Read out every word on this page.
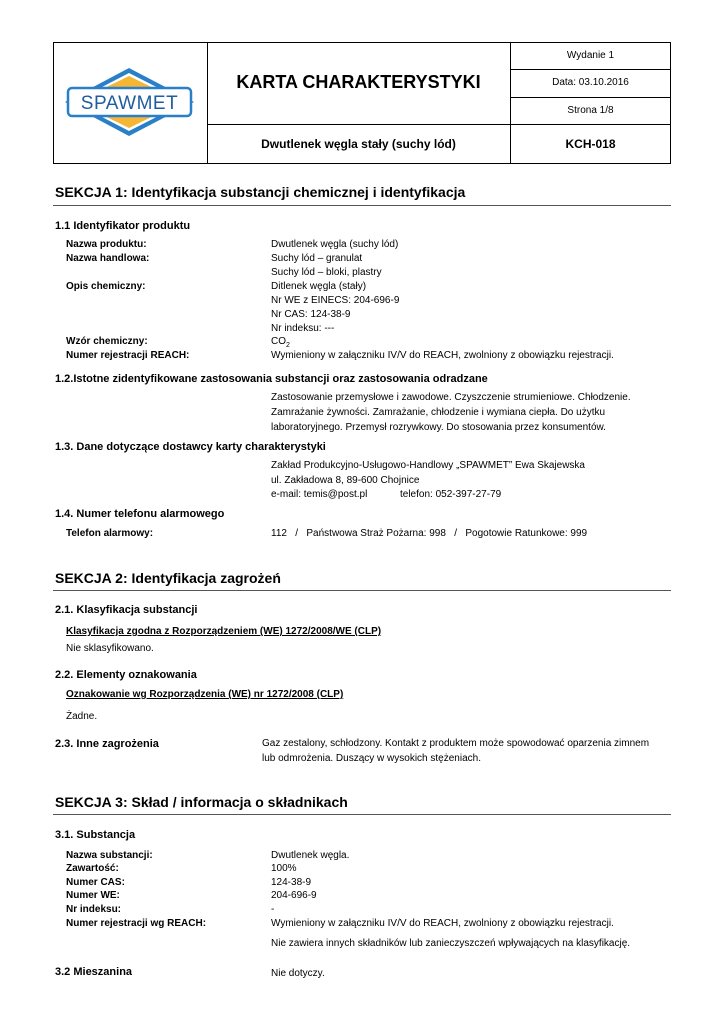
SPAWMET
KARTA CHARAKTERYSTYKI
Wydanie 1
Data: 03.10.2016
Strona 1/8
Dwutlenek węgla stały (suchy lód)	KCH-018
SEKCJA 1: Identyfikacja substancji chemicznej i identyfikacja
1.1 Identyfikator produktu
Nazwa produktu:	Dwutlenek węgla (suchy lód)
Nazwa handlowa:	Suchy lód – granulat
Suchy lód – bloki, plastry
Opis chemiczny:	Ditlenek węgla (stały)
Nr WE z EINECS: 204-696-9
Nr CAS: 124-38-9
Nr indeksu: ---
Wzór chemiczny:	$CO_2$
Numer rejestracji REACH:	Wymieniony w załączniku IV/V do REACH, zwolniony z obowiązku rejestracji.
1.2.Istotne zidentyfikowane zastosowania substancji oraz zastosowania odradzane
Zastosowanie przemysłowe i zawodowe. Czyszczenie strumieniowe. Chłodzenie.
Zamrażanie żywności. Zamrażanie, chłodzenie i wymiana ciepła. Do użytku
laboratoryjnego. Przemysł rozrywkowy. Do stosowania przez konsumentów.
1.3. Dane dotyczące dostawcy karty charakterystyki
Zakład Produkcyjno-Usługowo-Handlowy „SPAWMET” Ewa Skajewska
ul. Zakładowa 8, 89-600 Chojnice
e-mail: temis@post.pl	telefon: 052-397-27-79
1.4. Numer telefonu alarmowego
Telefon alarmowy:	112   /   Państwowa Straż Pożarna: 998   /   Pogotowie Ratunkowe: 999
SEKCJA 2: Identyfikacja zagrożeń
2.1. Klasyfikacja substancji
Klasyfikacja zgodna z Rozporządzeniem (WE) 1272/2008/WE (CLP)
Nie sklasyfikowano.
2.2. Elementy oznakowania
Oznakowanie wg Rozporządzenia (WE) nr 1272/2008 (CLP)
Żadne.
2.3. Inne zagrożenia	Gaz zestalony, schłodzony. Kontakt z produktem może spowodować oparzenia zimnem
lub odmrożenia. Duszący w wysokich stężeniach.
SEKCJA 3: Skład / informacja o składnikach
3.1. Substancja
Nazwa substancji:	Dwutlenek węgla.
Zawartość:	100%
Numer CAS:	124-38-9
Numer WE:	204-696-9
Nr indeksu:	-
Numer rejestracji wg REACH:	Wymieniony w załączniku IV/V do REACH, zwolniony z obowiązku rejestracji.
Nie zawiera innych składników lub zanieczyszczeń wpływających na klasyfikację.
3.2 Mieszanina	Nie dotyczy.
